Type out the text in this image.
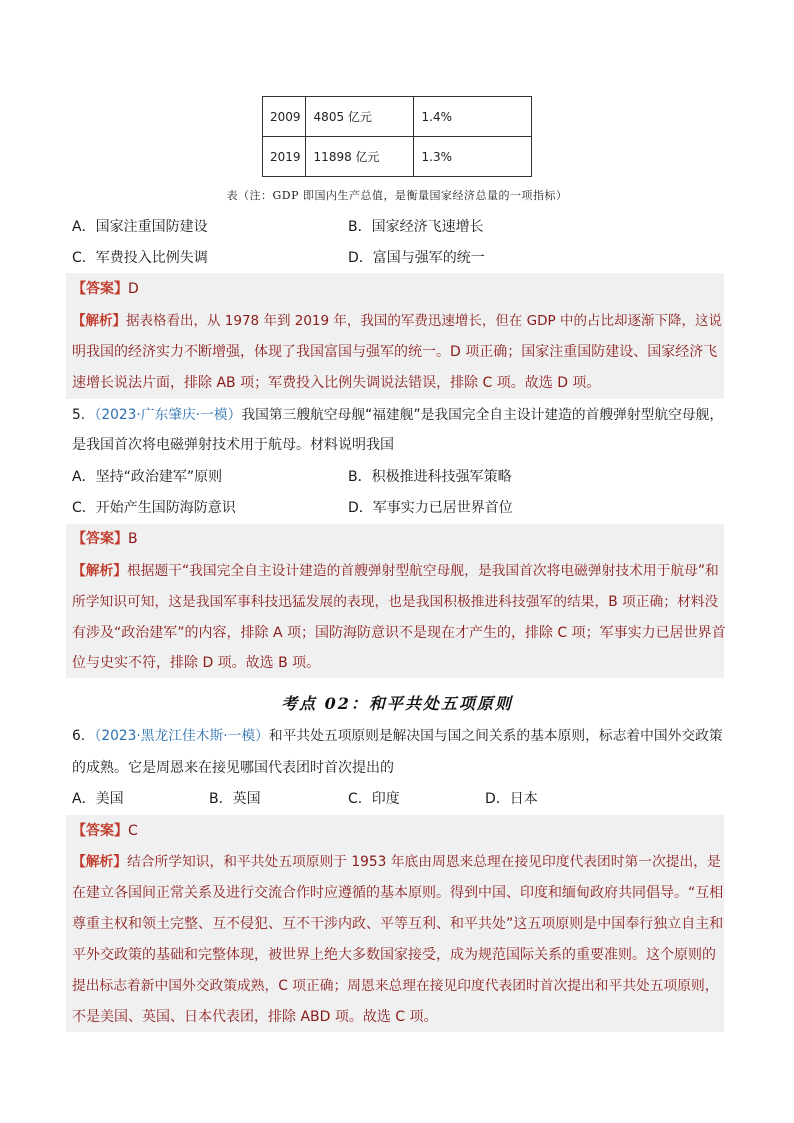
2009	4805 亿元	1.4%
2019	11898 亿元	1.3%
表（注：GDP 即国内生产总值，是衡量国家经济总量的一项指标）
A．国家注重国防建设	B．国家经济飞速增长
C．军费投入比例失调	D．富国与强军的统一
【答案】D
【解析】据表格看出，从 1978 年到 2019 年，我国的军费迅速增长，但在 GDP 中的占比却逐渐下降，这说
明我国的经济实力不断增强，体现了我国富国与强军的统一。D 项正确；国家注重国防建设、国家经济飞
速增长说法片面，排除 AB 项；军费投入比例失调说法错误，排除 C 项。故选 D 项。
5．（2023·广东肇庆·一模）我国第三艘航空母舰“福建舰”是我国完全自主设计建造的首艘弹射型航空母舰，
是我国首次将电磁弹射技术用于航母。材料说明我国
A．坚持“政治建军”原则	B．积极推进科技强军策略
C．开始产生国防海防意识	D．军事实力已居世界首位
【答案】B
【解析】根据题干“我国完全自主设计建造的首艘弹射型航空母舰，是我国首次将电磁弹射技术用于航母”和
所学知识可知，这是我国军事科技迅猛发展的表现，也是我国积极推进科技强军的结果，B 项正确；材料没
有涉及“政治建军”的内容，排除 A 项；国防海防意识不是现在才产生的，排除 C 项；军事实力已居世界首
位与史实不符，排除 D 项。故选 B 项。
考点 02：和平共处五项原则
6．（2023·黑龙江佳木斯·一模）和平共处五项原则是解决国与国之间关系的基本原则，标志着中国外交政策
的成熟。它是周恩来在接见哪国代表团时首次提出的
A．美国	B．英国	C．印度	D．日本
【答案】C
【解析】结合所学知识，和平共处五项原则于 1953 年底由周恩来总理在接见印度代表团时第一次提出，是
在建立各国间正常关系及进行交流合作时应遵循的基本原则。得到中国、印度和缅甸政府共同倡导。“互相
尊重主权和领土完整、互不侵犯、互不干涉内政、平等互利、和平共处”这五项原则是中国奉行独立自主和
平外交政策的基础和完整体现，被世界上绝大多数国家接受，成为规范国际关系的重要准则。这个原则的
提出标志着新中国外交政策成熟，C 项正确；周恩来总理在接见印度代表团时首次提出和平共处五项原则，
不是美国、英国、日本代表团，排除 ABD 项。故选 C 项。
